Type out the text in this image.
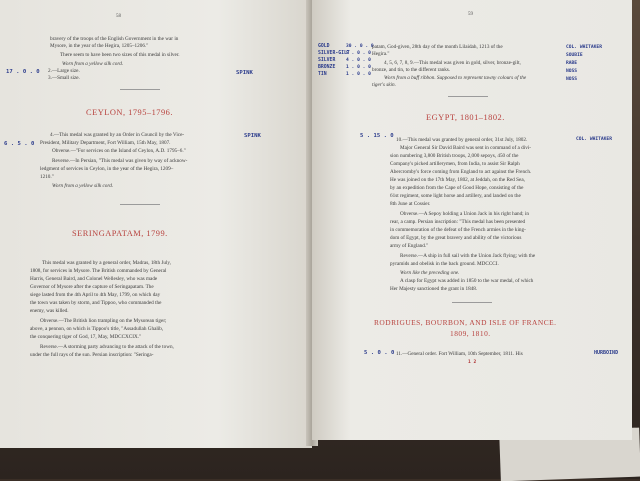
58
bravery of the troops of the English Government in the war in
Mysore, in the year of the Hegira, 1205–1206."
There seem to have been two sizes of this medal in silver.
Worn from a yellow silk cord.
2.—Large size.
3.—Small size.
17 . 0 . 0	SPINK
CEYLON, 1795–1796.
6 . 5 . 0
SPINK
4.—This medal was granted by an Order in Council by the Vice-
President, Military Department, Fort William, 15th May, 1807.
Obverse.—"For services on the Island of Ceylon, A.D. 1795–6."
Reverse.—In Persian, "This medal was given by way of acknow-
ledgment of services in Ceylon, in the year of the Hegira, 1209–
1210."
Worn from a yellow silk cord.
SERINGAPATAM, 1799.
This medal was granted by a general order, Madras, 18th July,
1808, for services in Mysore. The British commanded by General
Harris, General Baird, and Colonel Wellesley, who was made
Governor of Mysore after the capture of Seringapatam. The
siege lasted from the 4th April to 4th May, 1799, on which day
the town was taken by storm, and Tippoo, who commanded the
enemy, was killed.
Obverse.—The British lion trampling on the Mysorean tiger;
above, a pennon, on which is Tippoo's title, "Assadullah Ghalib,
the conquering tiger of God, 17, May, MDCCXCIX."
Reverse.—A storming party advancing to the attack of the town,
under the full rays of the sun. Persian inscription: "Seringa-
59
GOLD
SILVER-GILT
SILVER
BRONZE
TIN
30 . 0 . 0
5 . 0 . 0
4 . 0 . 0
1 . 0 . 0
1 . 0 . 0
COL. WHITAKER
SOUBIE
RABE
NOSS
NOSS
patam, God-given, 28th day of the month Lilaidah, 1213 of the
Hegira."
4, 5, 6, 7, 8, 9.—This medal was given in gold, silver, bronze-gilt,
bronze, and tin, to the different ranks.
Worn from a buff ribbon. Supposed to represent tawny colours of the
tiger's skin.
EGYPT, 1801–1802.
5 . 15 . 0
COL. WHITAKER
10.—This medal was granted by general order, 31st July, 1802.
Major General Sir David Baird was sent in command of a divi-
sion numbering 3,800 British troops, 2,000 sepoys, 450 of the
Company's picked artillerymen, from India, to assist Sir Ralph
Abercromby's force coming from England to act against the French.
He was joined on the 17th May, 1802, at Jeddah, on the Red Sea,
by an expedition from the Cape of Good Hope, consisting of the
61st regiment, some light horse and artillery, and landed on the
8th June at Cossier.
Obverse.—A Sepoy holding a Union Jack in his right hand; in
rear, a camp. Persian inscription: "This medal has been presented
in commemoration of the defeat of the French armies in the king-
dom of Egypt, by the great bravery and ability of the victorious
army of England."
Reverse.—A ship in full sail with the Union Jack flying; with the
pyramids and obelisk in the back ground. MDCCCI.
Worn like the preceding one.
A clasp for Egypt was added in 1850 to the war medal, of which
Her Majesty sanctioned the grant in 1848.
RODRIGUES, BOURBON, AND ISLE OF FRANCE.
1809, 1810.
5 . 0 . 0 11.—General order. Fort William, 10th September, 1811. His	HURBOIND
1 2
